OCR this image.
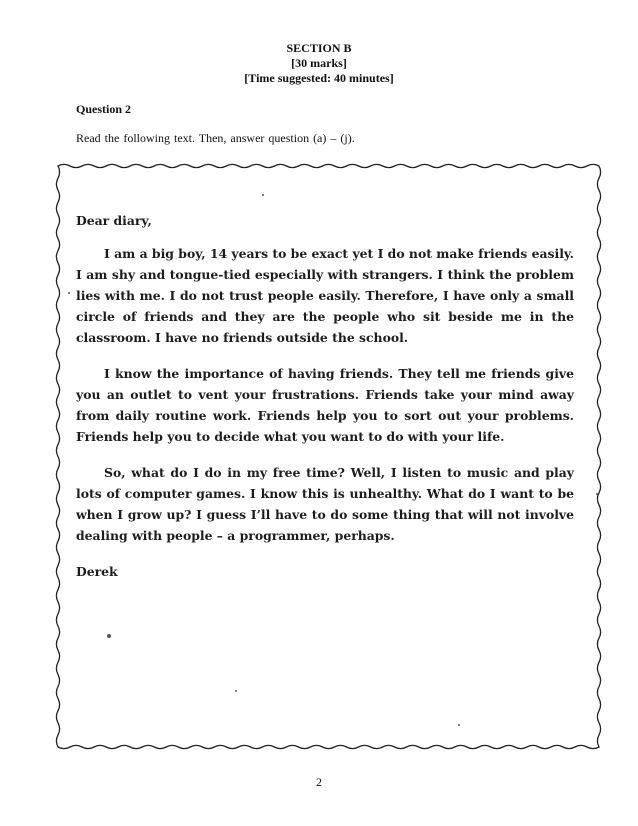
SECTION B
[30 marks]
[Time suggested: 40 minutes]
Question 2
Read the following text. Then, answer question (a) – (j).

Dear diary,

I am a big boy, 14 years to be exact yet I do not make friends easily. I am shy and tongue-tied especially with strangers. I think the problem lies with me. I do not trust people easily. Therefore, I have only a small circle of friends and they are the people who sit beside me in the classroom. I have no friends outside the school.

I know the importance of having friends. They tell me friends give you an outlet to vent your frustrations. Friends take your mind away from daily routine work. Friends help you to sort out your problems. Friends help you to decide what you want to do with your life.

So, what do I do in my free time? Well, I listen to music and play lots of computer games. I know this is unhealthy. What do I want to be when I grow up? I guess I’ll have to do some thing that will not involve dealing with people – a programmer, perhaps.

Derek

2
